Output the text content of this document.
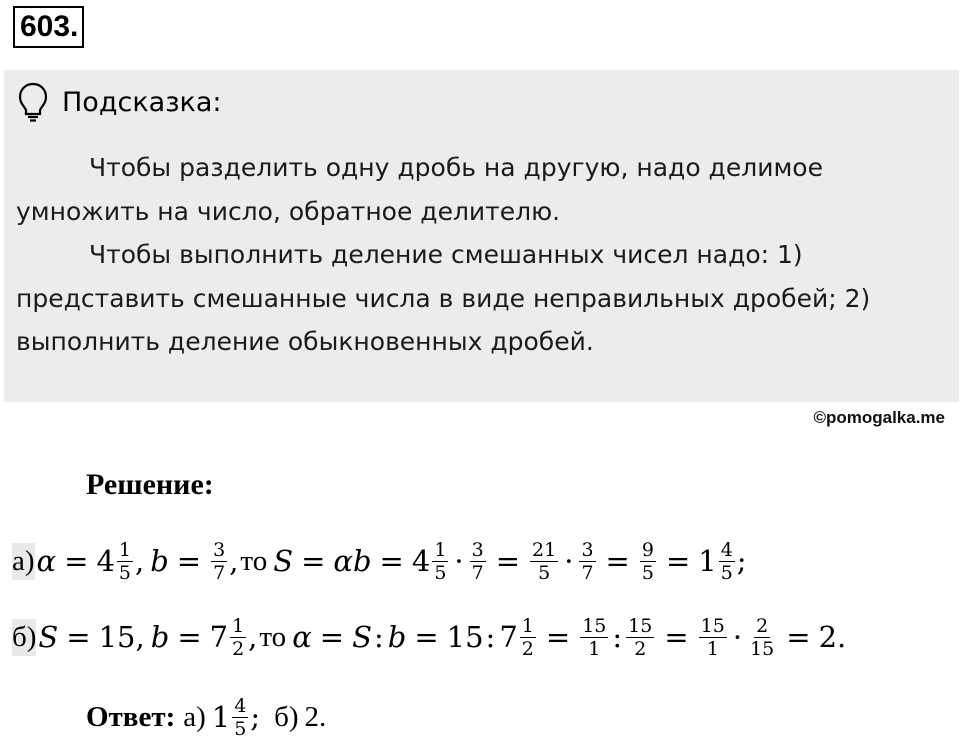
603.
Подсказка:

Чтобы разделить одну дробь на другую, надо делимое умножить на число, обратное делителю.

Чтобы выполнить деление смешанных чисел надо: 1) представить смешанные числа в виде неправильных дробей; 2) выполнить деление обыкновенных дробей.

©pomogalka.me
Решение:
а) $\alpha = 4 \frac{1}{5}$ , $b = \frac{3}{7}$ , то $S = \alpha b = 4 \frac{1}{5} \cdot \frac{3}{7} = \frac{21}{5} \cdot \frac{3}{7} = \frac{9}{5} = 1 \frac{4}{5}$ ;
б) S = 15 , $b = 7 \frac{1}{2}$ , то α = S : b = 15 : $7 \frac{1}{2} = \frac{15}{1}$ : $\frac{15}{2} = \frac{15}{1} \cdot \frac{2}{15} = 2$.
Ответ: а) $1 \frac{4}{5}$ ; б) 2.
